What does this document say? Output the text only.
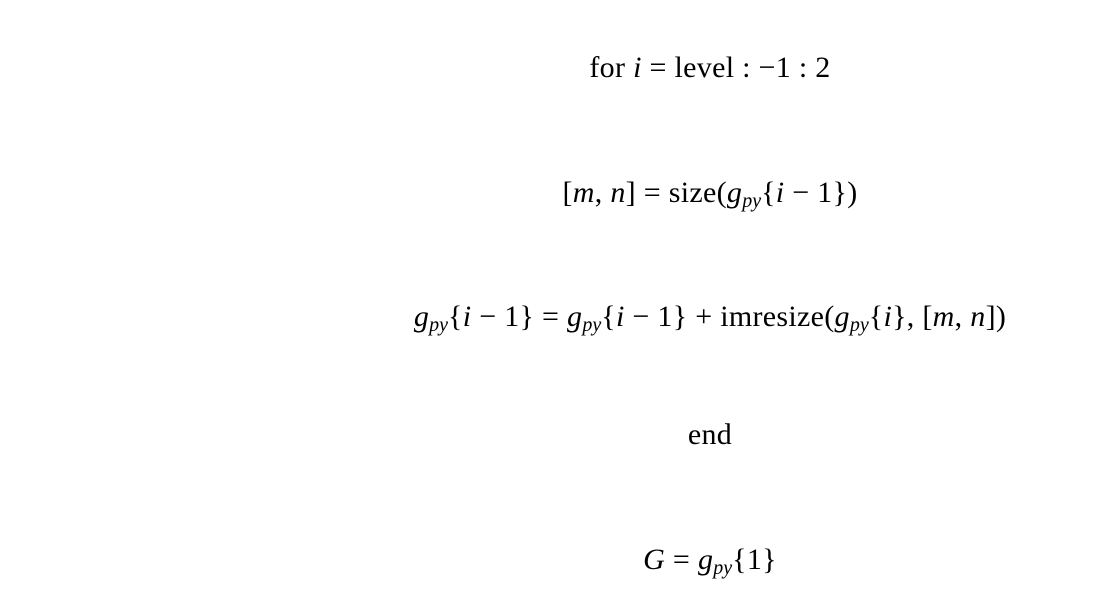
for i = level : −1 : 2
[m, $n] = size(g_{py}\{i - 1\})$
$g_{py}\{i - 1\} = g_{py}\{i - 1\}$ + $imresize(g_{py}\{i\}$, [m, n])
end
$G = g_{py}\{1\}$
